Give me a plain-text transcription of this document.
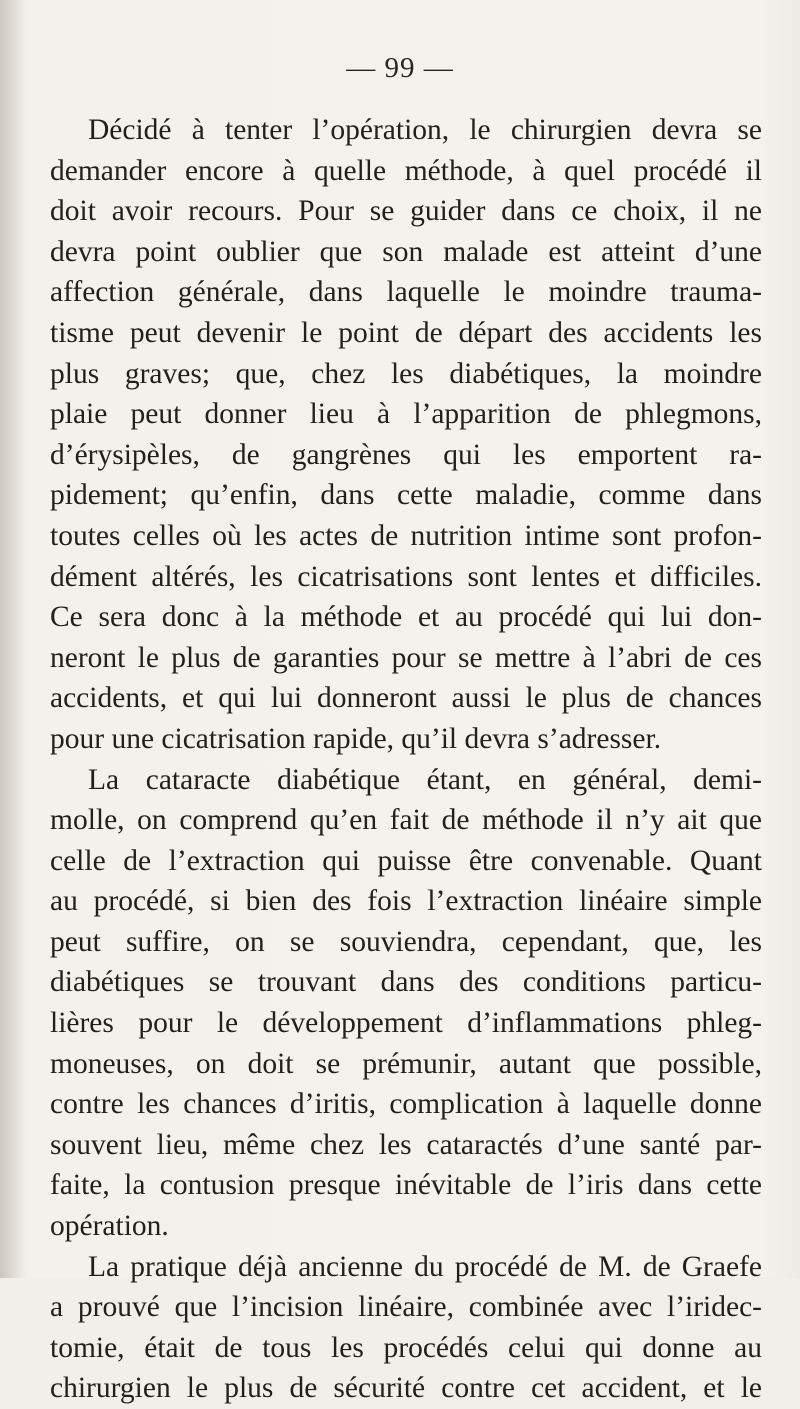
— 99 —
Décidé à tenter l’opération, le chirurgien devra se
demander encore à quelle méthode, à quel procédé il
doit avoir recours. Pour se guider dans ce choix, il ne
devra point oublier que son malade est atteint d’une
affection générale, dans laquelle le moindre trauma-
tisme peut devenir le point de départ des accidents les
plus graves; que, chez les diabétiques, la moindre
plaie peut donner lieu à l’apparition de phlegmons,
d’érysipèles, de gangrènes qui les emportent ra-
pidement; qu’enfin, dans cette maladie, comme dans
toutes celles où les actes de nutrition intime sont profon-
dément altérés, les cicatrisations sont lentes et difficiles.
Ce sera donc à la méthode et au procédé qui lui don-
neront le plus de garanties pour se mettre à l’abri de ces
accidents, et qui lui donneront aussi le plus de chances
pour une cicatrisation rapide, qu’il devra s’adresser.
La cataracte diabétique étant, en général, demi-
molle, on comprend qu’en fait de méthode il n’y ait que
celle de l’extraction qui puisse être convenable. Quant
au procédé, si bien des fois l’extraction linéaire simple
peut suffire, on se souviendra, cependant, que, les
diabétiques se trouvant dans des conditions particu-
lières pour le développement d’inflammations phleg-
moneuses, on doit se prémunir, autant que possible,
contre les chances d’iritis, complication à laquelle donne
souvent lieu, même chez les cataractés d’une santé par-
faite, la contusion presque inévitable de l’iris dans cette
opération.
La pratique déjà ancienne du procédé de M. de Graefe
a prouvé que l’incision linéaire, combinée avec l’iridec-
tomie, était de tous les procédés celui qui donne au
chirurgien le plus de sécurité contre cet accident, et le
